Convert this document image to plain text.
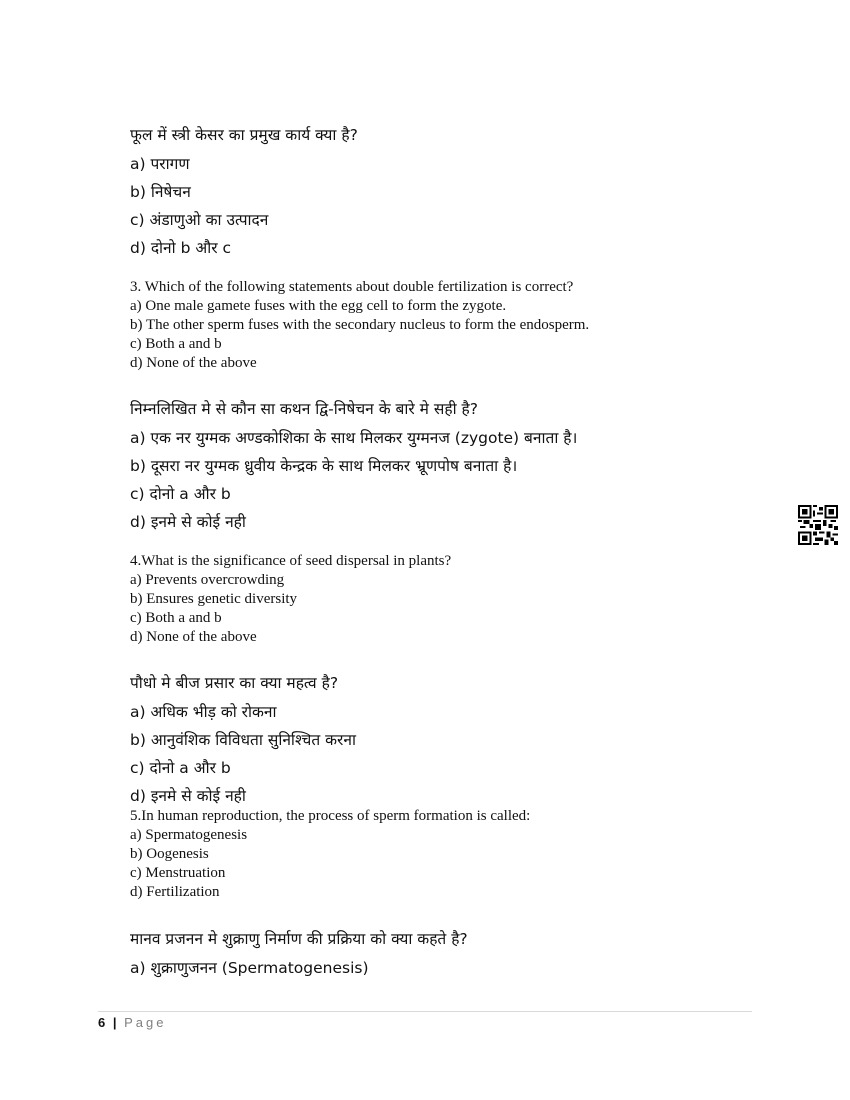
फूल में स्त्री केसर का प्रमुख कार्य क्या है?
a) परागण
b) निषेचन
c) अंडाणुओ का उत्पादन
d) दोनो b और c
3. Which of the following statements about double fertilization is correct?
a) One male gamete fuses with the egg cell to form the zygote.
b) The other sperm fuses with the secondary nucleus to form the endosperm.
c) Both a and b
d) None of the above
निम्नलिखित मे से कौन सा कथन द्वि-निषेचन के बारे मे सही है?
a) एक नर युग्मक अण्डकोशिका के साथ मिलकर युग्मनज (zygote) बनाता है।
b) दूसरा नर युग्मक ध्रुवीय केन्द्रक के साथ मिलकर भ्रूणपोष बनाता है।
c) दोनो a और b
d) इनमे से कोई नही
4.What is the significance of seed dispersal in plants?
a) Prevents overcrowding
b) Ensures genetic diversity
c) Both a and b
d) None of the above
पौधो मे बीज प्रसार का क्या महत्व है?
a) अधिक भीड़ को रोकना
b) आनुवंशिक विविधता सुनिश्चित करना
c) दोनो a और b
d) इनमे से कोई नही
5.In human reproduction, the process of sperm formation is called:
a) Spermatogenesis
b) Oogenesis
c) Menstruation
d) Fertilization
मानव प्रजनन मे शुक्राणु निर्माण की प्रक्रिया को क्या कहते है?
a) शुक्राणुजनन (Spermatogenesis)
6 | Page
